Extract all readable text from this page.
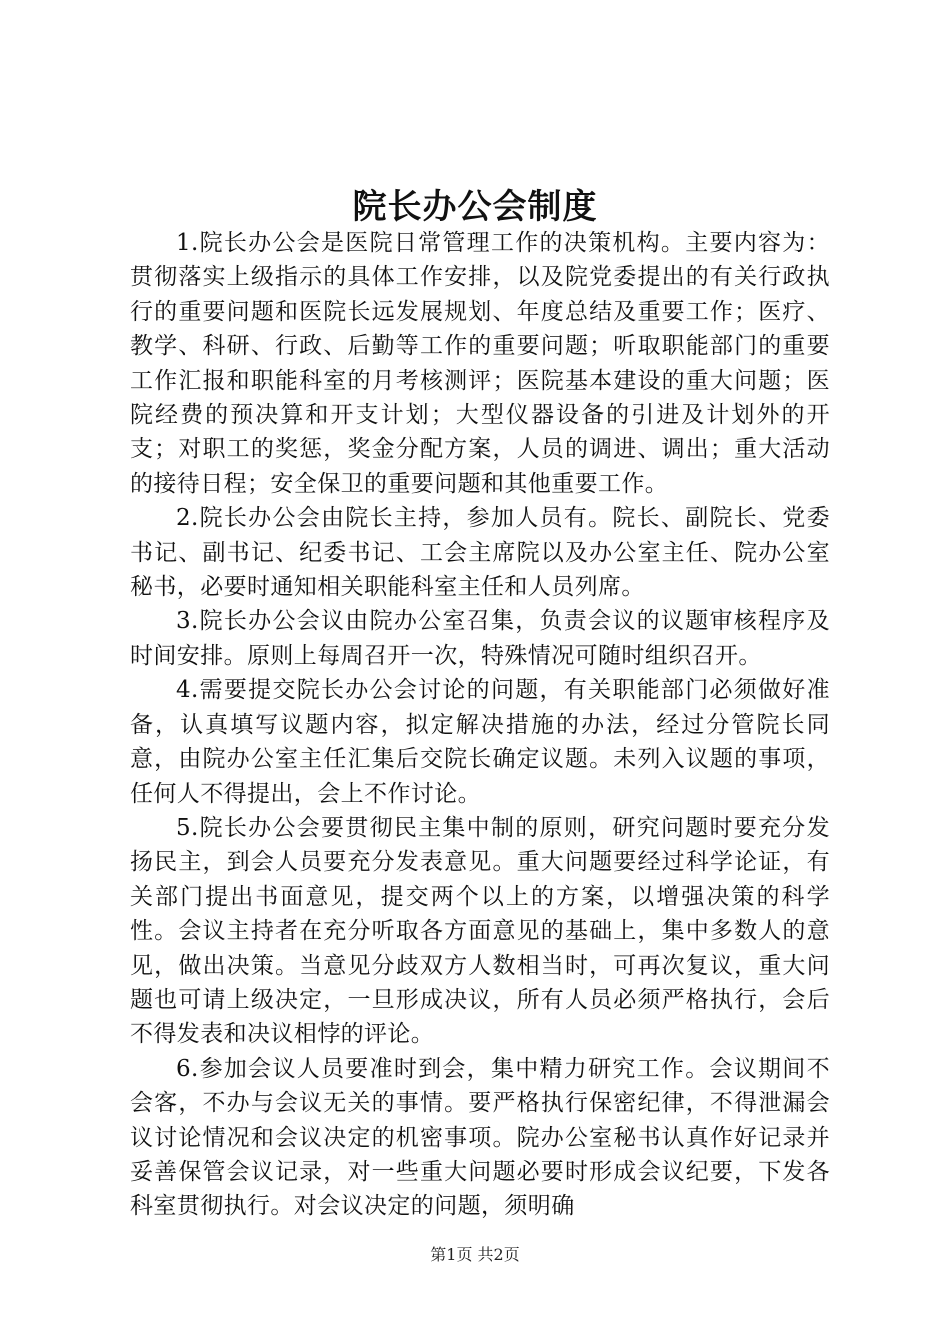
院长办公会制度

1.院长办公会是医院日常管理工作的决策机构。主要内容为：贯彻落实上级指示的具体工作安排，以及院党委提出的有关行政执行的重要问题和医院长远发展规划、年度总结及重要工作；医疗、教学、科研、行政、后勤等工作的重要问题；听取职能部门的重要工作汇报和职能科室的月考核测评；医院基本建设的重大问题；医院经费的预决算和开支计划；大型仪器设备的引进及计划外的开支；对职工的奖惩，奖金分配方案，人员的调进、调出；重大活动的接待日程；安全保卫的重要问题和其他重要工作。

2.院长办公会由院长主持，参加人员有。院长、副院长、党委书记、副书记、纪委书记、工会主席院以及办公室主任、院办公室秘书，必要时通知相关职能科室主任和人员列席。

3.院长办公会议由院办公室召集，负责会议的议题审核程序及时间安排。原则上每周召开一次，特殊情况可随时组织召开。

4.需要提交院长办公会讨论的问题，有关职能部门必须做好准备，认真填写议题内容，拟定解决措施的办法，经过分管院长同意，由院办公室主任汇集后交院长确定议题。未列入议题的事项，任何人不得提出，会上不作讨论。

5.院长办公会要贯彻民主集中制的原则，研究问题时要充分发扬民主，到会人员要充分发表意见。重大问题要经过科学论证，有关部门提出书面意见，提交两个以上的方案，以增强决策的科学性。会议主持者在充分听取各方面意见的基础上，集中多数人的意见，做出决策。当意见分歧双方人数相当时，可再次复议，重大问题也可请上级决定，一旦形成决议，所有人员必须严格执行，会后不得发表和决议相悖的评论。

6.参加会议人员要准时到会，集中精力研究工作。会议期间不会客，不办与会议无关的事情。要严格执行保密纪律，不得泄漏会议讨论情况和会议决定的机密事项。院办公室秘书认真作好记录并妥善保管会议记录，对一些重大问题必要时形成会议纪要，下发各科室贯彻执行。对会议决定的问题，须明确

第1页 共2页
